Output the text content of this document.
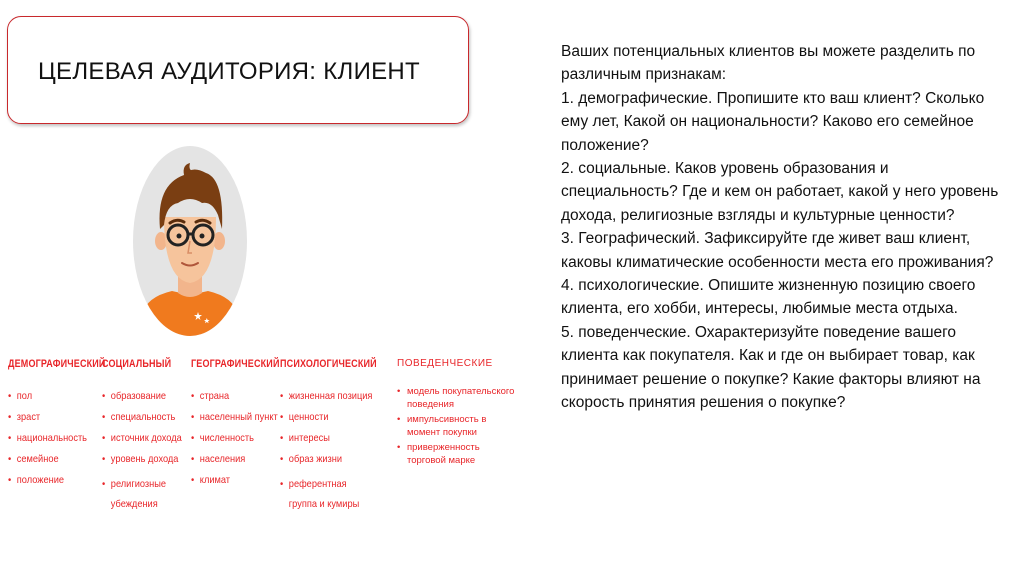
ЦЕЛЕВАЯ АУДИТОРИЯ: КЛИЕНТ
ДЕМОГРАФИЧЕСКИЙ
• пол
• зраст
• национальность
• семейное
• положение
СОЦИАЛЬНЫЙ
• образование
• специальность
• источник дохода
• уровень дохода
• религиозные убеждения
ГЕОГРАФИЧЕСКИЙ
• страна
• населенный пункт
• численность
• населения
• климат
ПСИХОЛОГИЧЕСКИЙ
• жизненная позиция
• ценности
• интересы
• образ жизни
• референтная группа и кумиры
ПОВЕДЕНЧЕСКИЕ
• модель покупательского поведения
• импульсивность в момент покупки
• приверженность торговой марке

Ваших потенциальных клиентов вы можете разделить по различным признакам:

1. демографические. Пропишите кто ваш клиент? Сколько ему лет, Какой он национальности? Каково его семейное положение?

2. социальные. Каков уровень образования и специальность? Где и кем он работает, какой у него уровень дохода, религиозные взгляды и культурные ценности?

3. Географический. Зафиксируйте где живет ваш клиент, каковы климатические особенности места его проживания?

4. психологические. Опишите жизненную позицию своего клиента, его хобби, интересы, любимые места отдыха.

5. поведенческие. Охарактеризуйте поведение вашего клиента как покупателя. Как и где он выбирает товар, как принимает решение о покупке? Какие факторы влияют на скорость принятия решения о покупке?
